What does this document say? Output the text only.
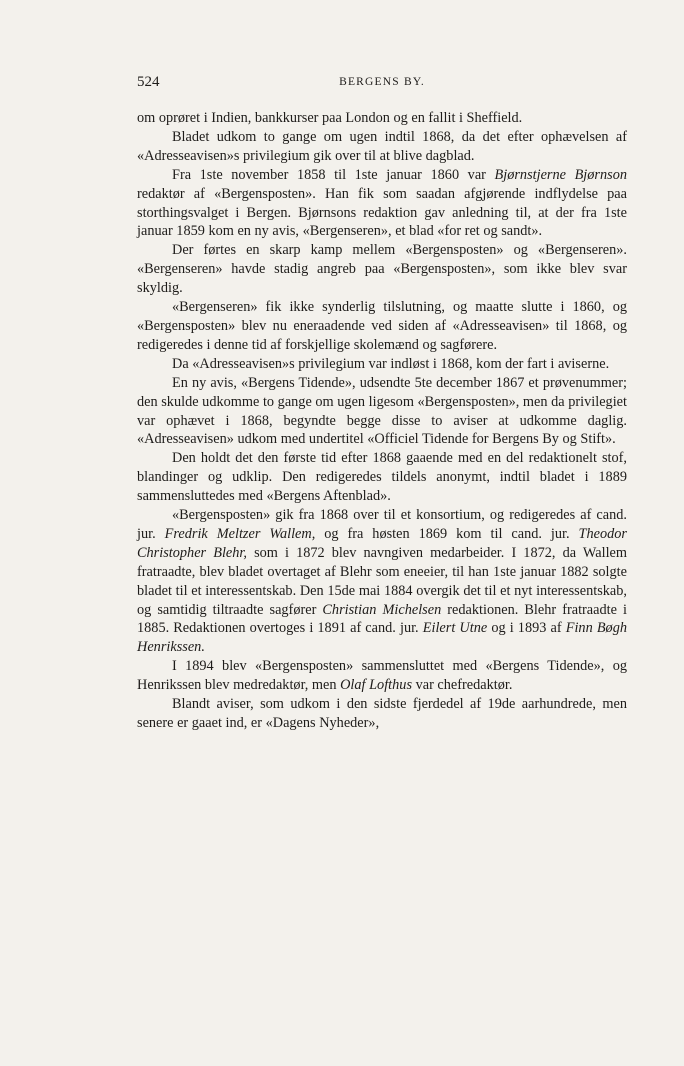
524	BERGENS BY.

om oprøret i Indien, bankkurser paa London og en fallit i Sheffield.

Bladet udkom to gange om ugen indtil 1868, da det efter ophævelsen af «Adresseavisen»s privilegium gik over til at blive dagblad.

Fra 1ste november 1858 til 1ste januar 1860 var Bjørnstjerne Bjørnson redaktør af «Bergensposten». Han fik som saadan afgjørende indflydelse paa storthingsvalget i Bergen. Bjørnsons redaktion gav anledning til, at der fra 1ste januar 1859 kom en ny avis, «Bergenseren», et blad «for ret og sandt».

Der førtes en skarp kamp mellem «Bergensposten» og «Bergenseren». «Bergenseren» havde stadig angreb paa «Bergensposten», som ikke blev svar skyldig.

«Bergenseren» fik ikke synderlig tilslutning, og maatte slutte i 1860, og «Bergensposten» blev nu eneraadende ved siden af «Adresseavisen» til 1868, og redigeredes i denne tid af forskjellige skolemænd og sagførere.

Da «Adresseavisen»s privilegium var indløst i 1868, kom der fart i aviserne.

En ny avis, «Bergens Tidende», udsendte 5te december 1867 et prøvenummer; den skulde udkomme to gange om ugen ligesom «Bergensposten», men da privilegiet var ophævet i 1868, begyndte begge disse to aviser at udkomme daglig. «Adresseavisen» udkom med undertitel «Officiel Tidende for Bergens By og Stift».

Den holdt det den første tid efter 1868 gaaende med en del redaktionelt stof, blandinger og udklip. Den redigeredes tildels anonymt, indtil bladet i 1889 sammensluttedes med «Bergens Aftenblad».

«Bergensposten» gik fra 1868 over til et konsortium, og redigeredes af cand. jur. Fredrik Meltzer Wallem, og fra høsten 1869 kom til cand. jur. Theodor Christopher Blehr, som i 1872 blev navngiven medarbeider. I 1872, da Wallem fratraadte, blev bladet overtaget af Blehr som eneeier, til han 1ste januar 1882 solgte bladet til et interessentskab. Den 15de mai 1884 overgik det til et nyt interessentskab, og samtidig tiltraadte sagfører Christian Michelsen redaktionen. Blehr fratraadte i 1885. Redaktionen overtoges i 1891 af cand. jur. Eilert Utne og i 1893 af Finn Bøgh Henrikssen.

I 1894 blev «Bergensposten» sammensluttet med «Bergens Tidende», og Henrikssen blev medredaktør, men Olaf Lofthus var chefredaktør.

Blandt aviser, som udkom i den sidste fjerdedel af 19de aarhundrede, men senere er gaaet ind, er «Dagens Nyheder»,
